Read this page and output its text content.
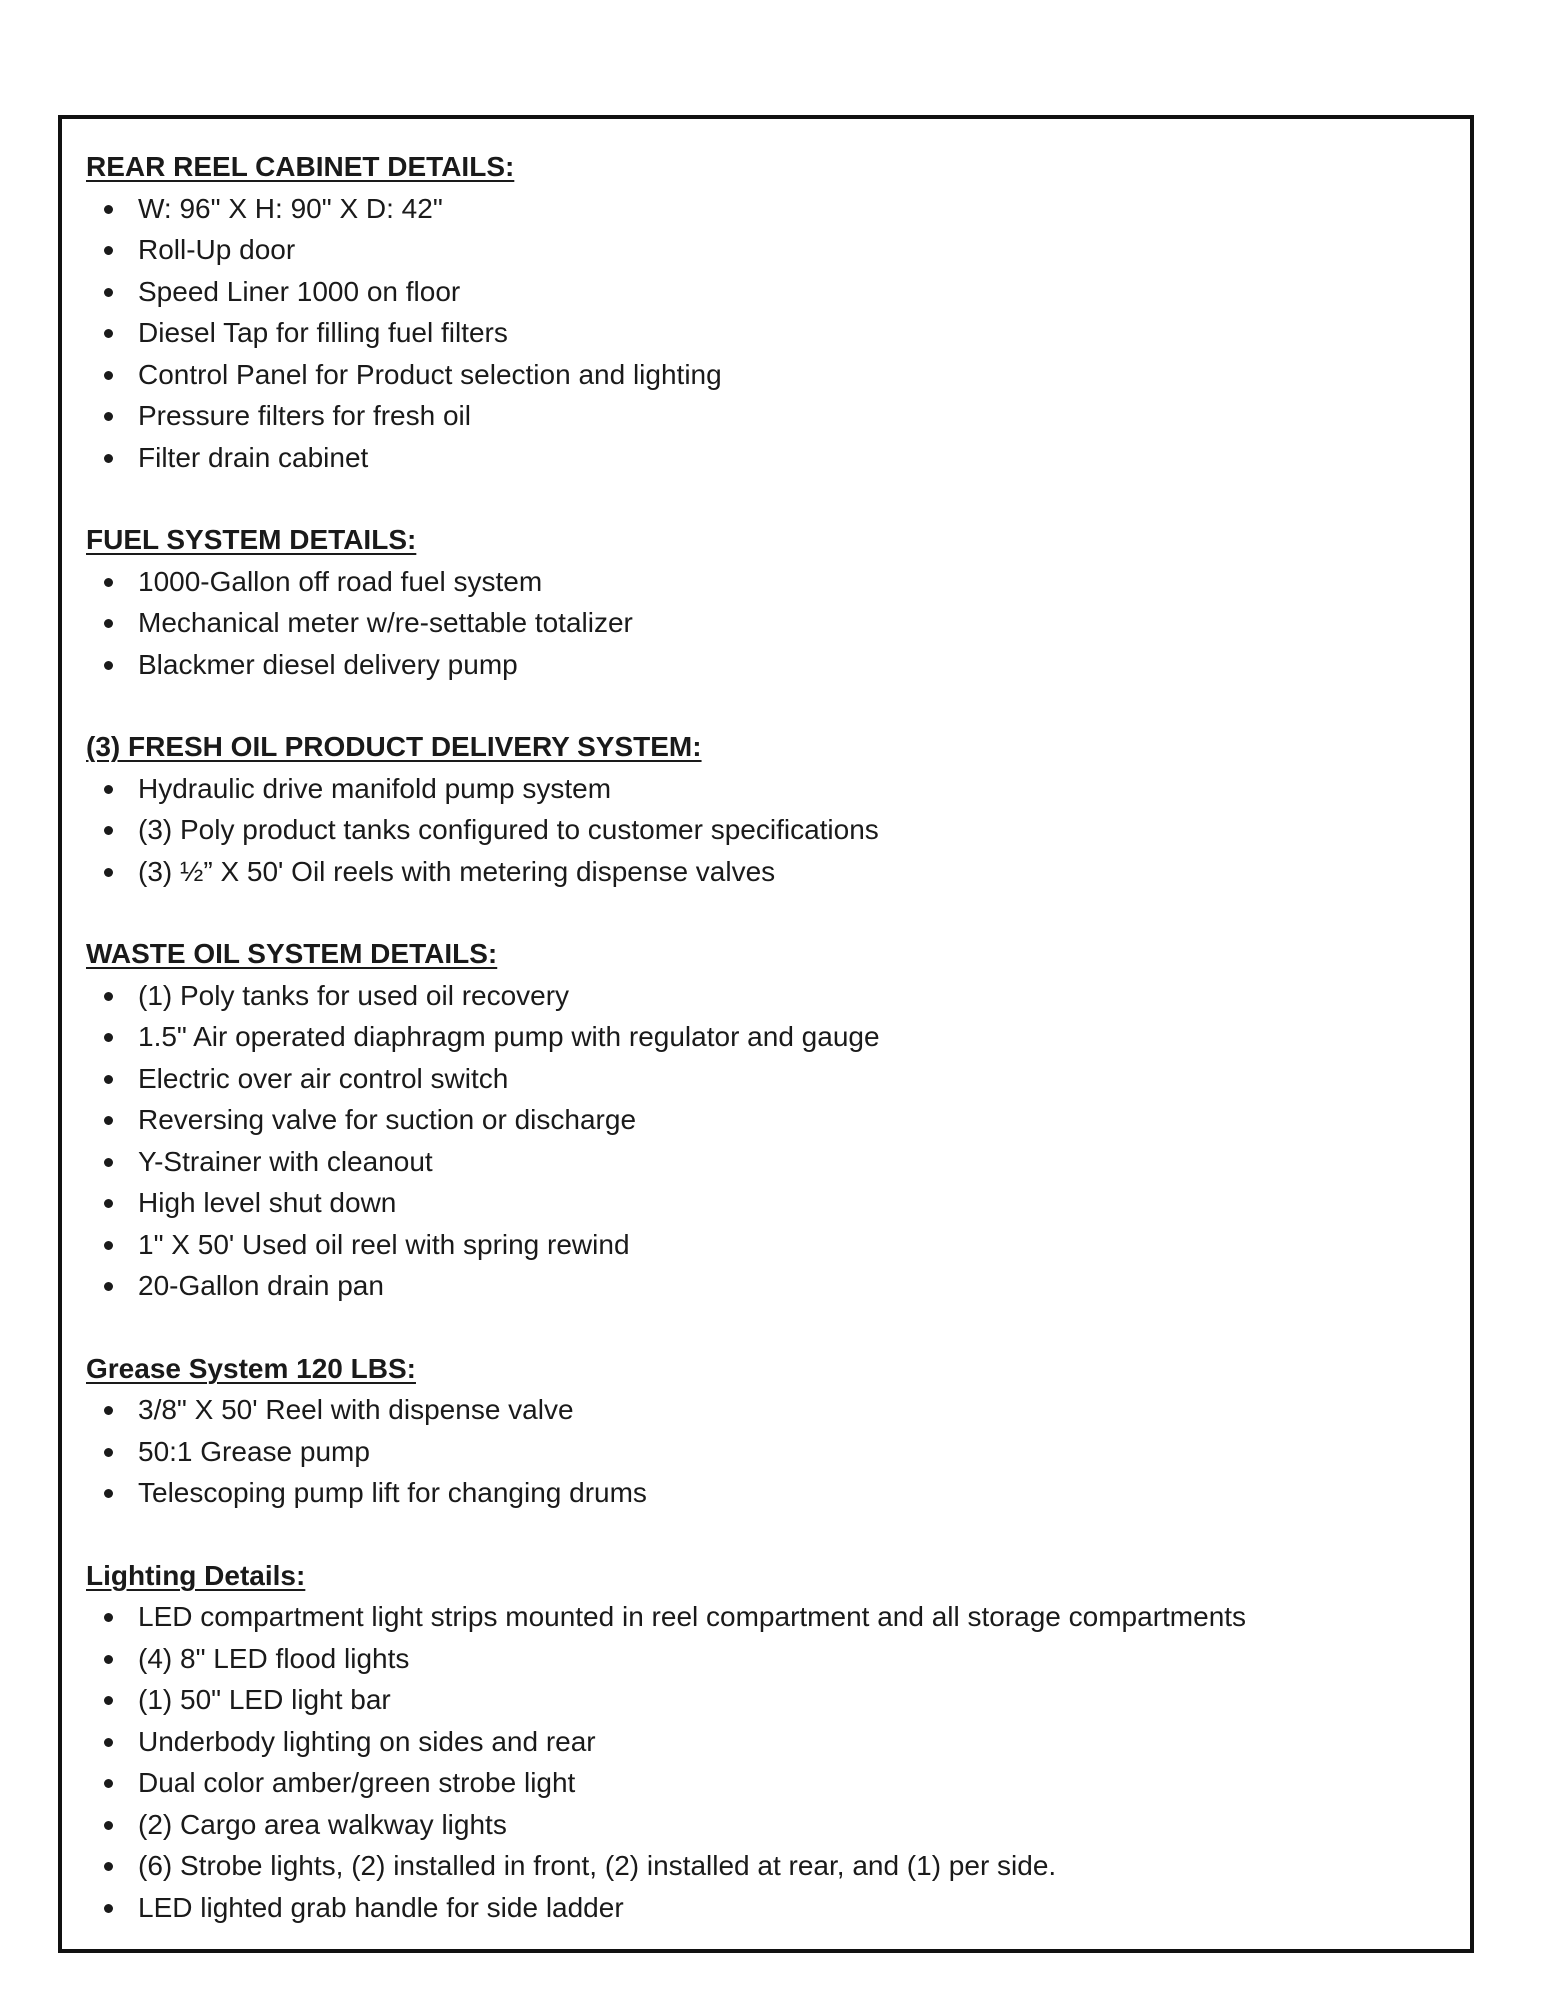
REAR REEL CABINET DETAILS:
W: 96" X H: 90" X D: 42"
Roll-Up door
Speed Liner 1000 on floor
Diesel Tap for filling fuel filters
Control Panel for Product selection and lighting
Pressure filters for fresh oil
Filter drain cabinet
FUEL SYSTEM DETAILS:
1000-Gallon off road fuel system
Mechanical meter w/re-settable totalizer
Blackmer diesel delivery pump
(3) FRESH OIL PRODUCT DELIVERY SYSTEM:
Hydraulic drive manifold pump system
(3) Poly product tanks configured to customer specifications
(3) ½” X 50' Oil reels with metering dispense valves
WASTE OIL SYSTEM DETAILS:
(1) Poly tanks for used oil recovery
1.5" Air operated diaphragm pump with regulator and gauge
Electric over air control switch
Reversing valve for suction or discharge
Y-Strainer with cleanout
High level shut down
1" X 50' Used oil reel with spring rewind
20-Gallon drain pan
Grease System 120 LBS:
3/8" X 50' Reel with dispense valve
50:1 Grease pump
Telescoping pump lift for changing drums
Lighting Details:
LED compartment light strips mounted in reel compartment and all storage compartments
(4) 8" LED flood lights
(1) 50" LED light bar
Underbody lighting on sides and rear
Dual color amber/green strobe light
(2) Cargo area walkway lights
(6) Strobe lights, (2) installed in front, (2) installed at rear, and (1) per side.
LED lighted grab handle for side ladder
